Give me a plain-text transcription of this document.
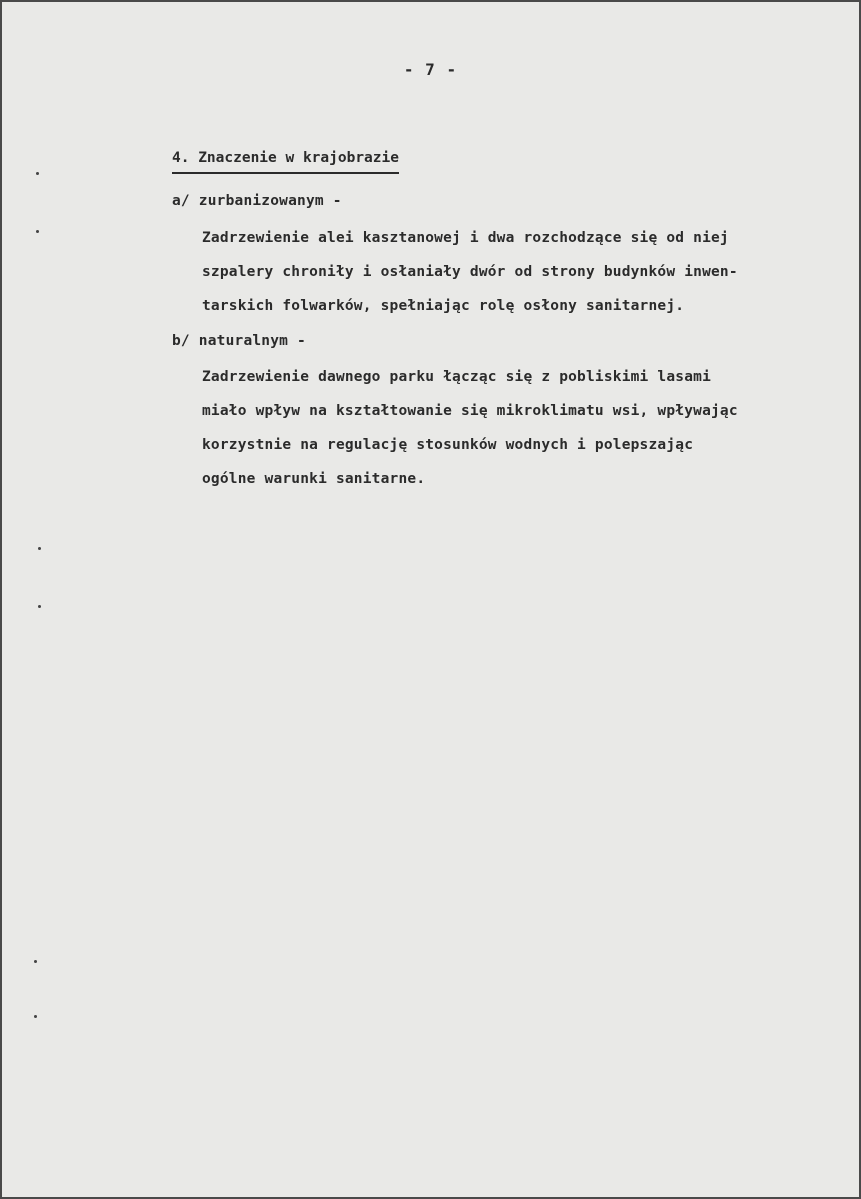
- 7 -
4. Znaczenie w krajobrazie
a/ zurbanizowanym -
Zadrzewienie alei kasztanowej i dwa rozchodzące się od niej
szpalery chroniły i osłaniały dwór od strony budynków inwen-
tarskich folwarków, spełniając rolę osłony sanitarnej.
b/ naturalnym -
Zadrzewienie dawnego parku łącząc się z pobliskimi lasami
miało wpływ na kształtowanie się mikroklimatu wsi, wpływając
korzystnie na regulację stosunków wodnych i polepszając
ogólne warunki sanitarne.
